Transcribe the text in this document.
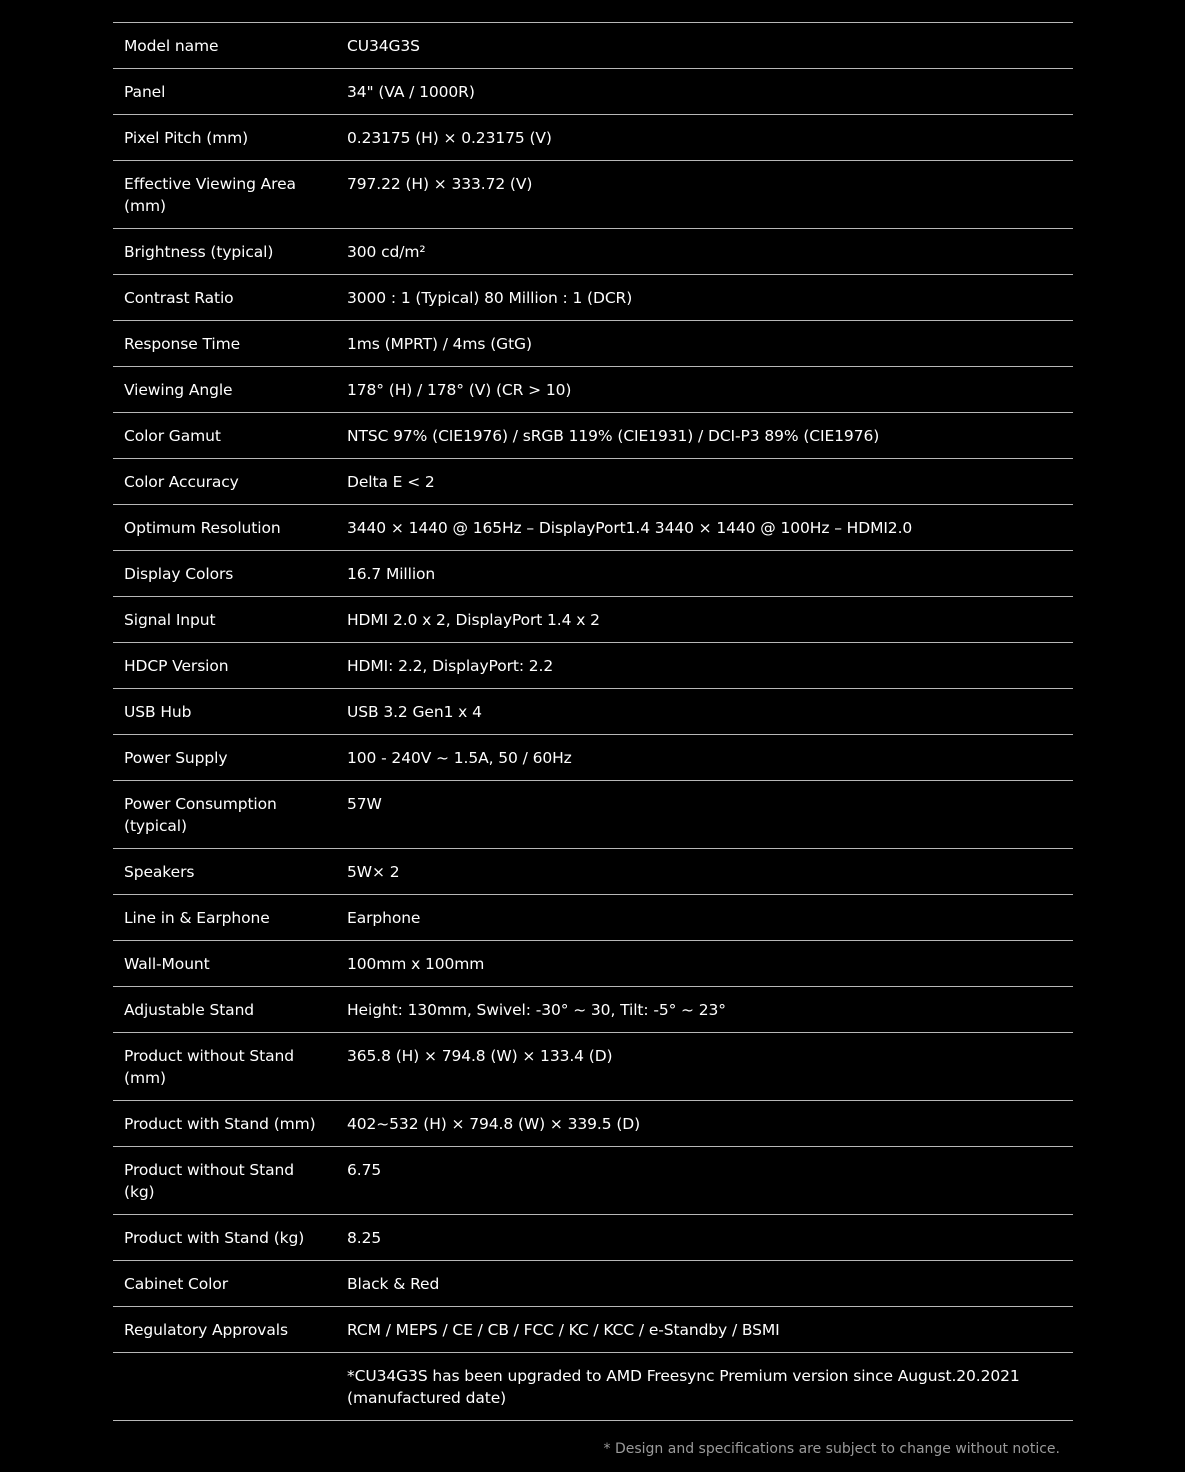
Model name	CU34G3S
Panel	34" (VA / 1000R)
Pixel Pitch (mm)	0.23175 (H) × 0.23175 (V)
Effective Viewing Area (mm)	797.22 (H) × 333.72 (V)
Brightness (typical)	300 cd/m²
Contrast Ratio	3000 : 1 (Typical) 80 Million : 1 (DCR)
Response Time	1ms (MPRT) / 4ms (GtG)
Viewing Angle	178° (H) / 178° (V) (CR > 10)
Color Gamut	NTSC 97% (CIE1976) / sRGB 119% (CIE1931) / DCI-P3 89% (CIE1976)
Color Accuracy	Delta E < 2
Optimum Resolution	3440 × 1440 @ 165Hz – DisplayPort1.4 3440 × 1440 @ 100Hz – HDMI2.0
Display Colors	16.7 Million
Signal Input	HDMI 2.0 x 2, DisplayPort 1.4 x 2
HDCP Version	HDMI: 2.2, DisplayPort: 2.2
USB Hub	USB 3.2 Gen1 x 4
Power Supply	100 - 240V ~ 1.5A, 50 / 60Hz
Power Consumption (typical)	57W
Speakers	5W× 2
Line in & Earphone	Earphone
Wall-Mount	100mm x 100mm
Adjustable Stand	Height: 130mm, Swivel: -30° ~ 30, Tilt: -5° ~ 23°
Product without Stand (mm)	365.8 (H) × 794.8 (W) × 133.4 (D)
Product with Stand (mm)	402~532 (H) × 794.8 (W) × 339.5 (D)
Product without Stand (kg)	6.75
Product with Stand (kg)	8.25
Cabinet Color	Black & Red
Regulatory Approvals	RCM / MEPS / CE / CB / FCC / KC / KCC / e-Standby / BSMI
	*CU34G3S has been upgraded to AMD Freesync Premium version since August.20.2021 (manufactured date)
* Design and specifications are subject to change without notice.
